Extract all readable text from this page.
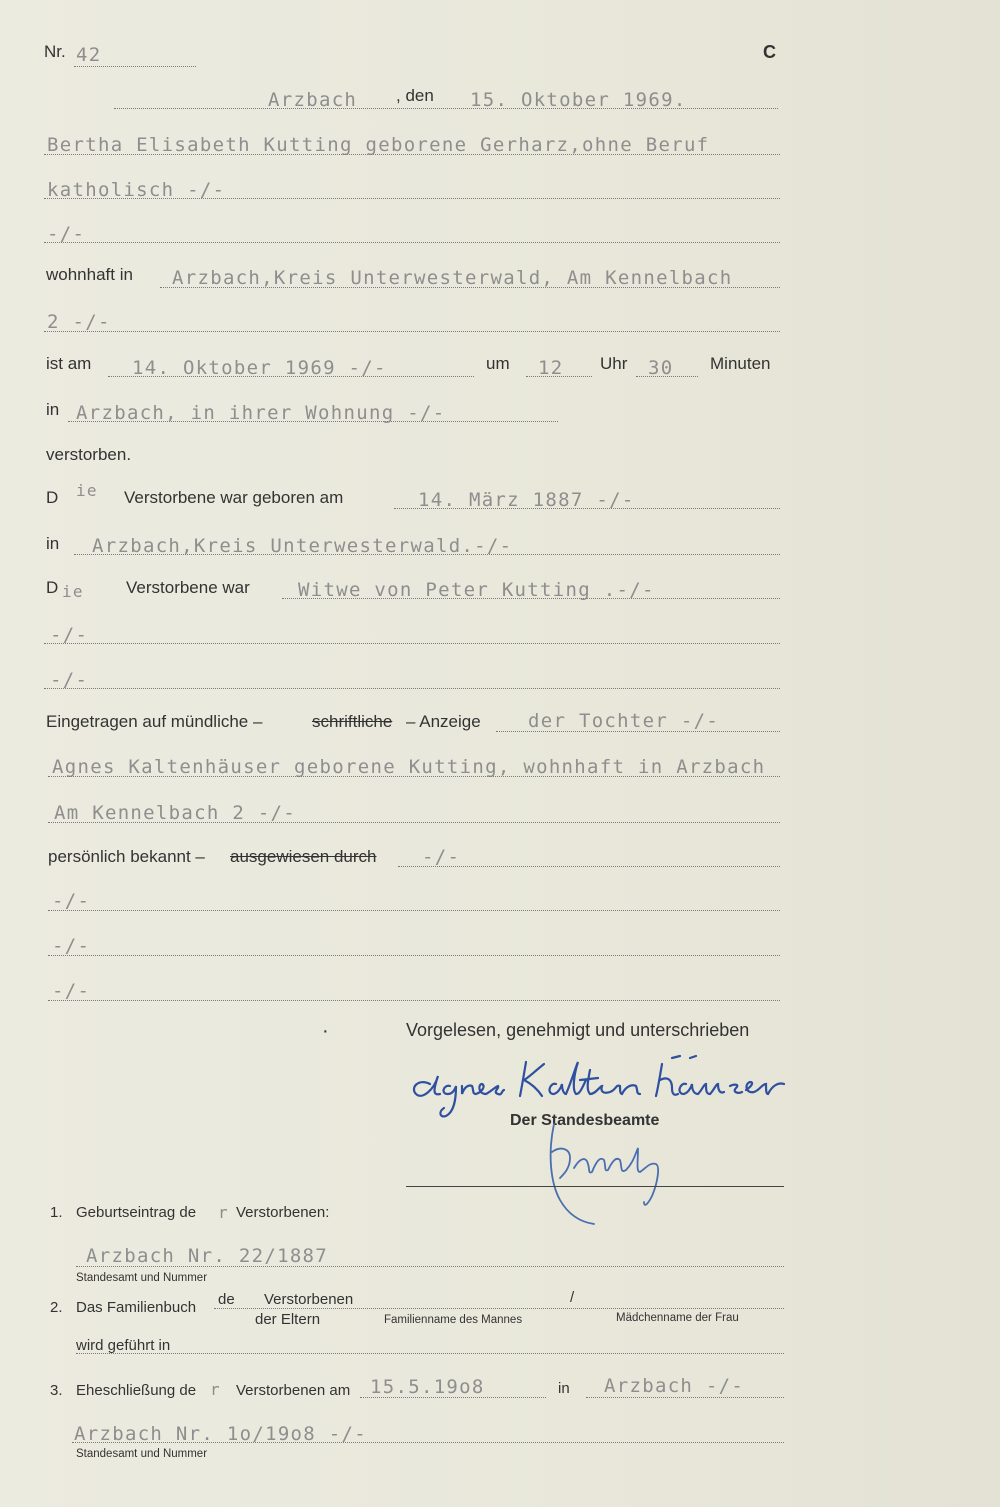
Nr. 42	C
Arzbach , den 15. Oktober 1969.
Bertha Elisabeth Kutting geborene Gerharz,ohne Beruf
katholisch -/-
-/-
wohnhaft in Arzbach,Kreis Unterwesterwald, Am Kennelbach
2 -/-
ist am 14. Oktober 1969 -/-	um 12 Uhr 30 Minuten
in Arzbach, in ihrer Wohnung -/-
verstorben.
D ie Verstorbene war geboren am	14. März 1887 -/-
in Arzbach,Kreis Unterwesterwald.-/-
D ie Verstorbene war	Witwe von Peter Kutting .-/-
-/-
-/-
Eingetragen auf mündliche –	schriftliche – Anzeige der Tochter -/-
Agnes Kaltenhäuser geborene Kutting, wohnhaft in Arzbach
Am Kennelbach 2 -/-
persönlich bekannt – ausgewiesen durch -/-
-/-
-/-
-/-
·	Vorgelesen, genehmigt und unterschrieben
Der Standesbeamte
1. Geburtseintrag de r Verstorbenen:
Arzbach Nr. 22/1887
Standesamt und Nummer
2. Das Familienbuch de Verstorbenen	/
der Eltern	Familienname des Mannes	Mädchenname der Frau
wird geführt in
3. Eheschließung de r Verstorbenen am 15.5.19o8	in Arzbach -/-
Arzbach Nr. 1o/19o8 -/-
Standesamt und Nummer
